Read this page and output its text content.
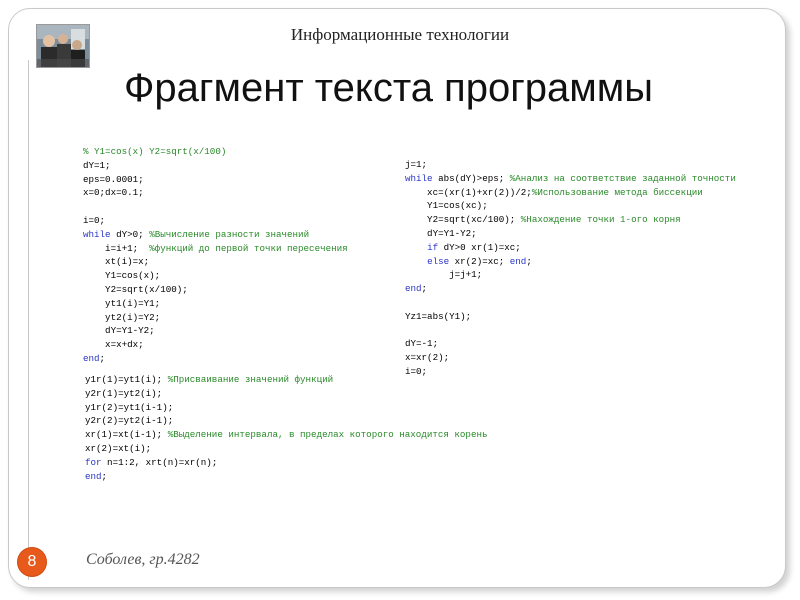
Информационные технологии
Фрагмент текста программы
% Y1=cos(x) Y2=sqrt(x/100)
dY=1;
eps=0.0001;
x=0;dx=0.1;

i=0;
while dY>0; %Вычисление разности значений
i=i+1;  %функций до первой точки пересечения
xt(i)=x;
Y1=cos(x);
Y2=sqrt(x/100);
yt1(i)=Y1;
yt2(i)=Y2;
dY=Y1-Y2;
x=x+dx;
end;
j=1;
while abs(dY)>eps; %Анализ на соответствие заданной точности
xc=(xr(1)+xr(2))/2;%Использование метода биссекции
Y1=cos(xc);
Y2=sqrt(xc/100); %Нахождение точки 1-ого корня
dY=Y1-Y2;
if dY>0 xr(1)=xc;
else xr(2)=xc; end;
j=j+1;
end;

Yz1=abs(Y1);

dY=-1;
x=xr(2);
i=0;
y1r(1)=yt1(i); %Присваивание значений функций
y2r(1)=yt2(i);
y1r(2)=yt1(i-1);
y2r(2)=yt2(i-1);
xr(1)=xt(i-1); %Выделение интервала, в пределах которого находится корень
xr(2)=xt(i);
for n=1:2, xrt(n)=xr(n);
end;
8	Соболев, гр.4282
